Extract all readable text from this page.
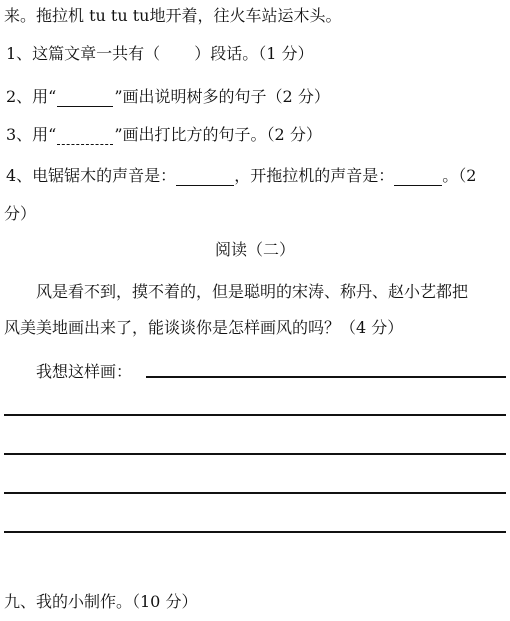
来。拖拉机 tu tu tu地开着，往火车站运木头。
1、这篇文章一共有（ ）段话。（1 分）
2、用“	”画出说明树多的句子（2 分）
3、用“	”画出打比方的句子。（2 分）
4、电锯锯木的声音是：	，开拖拉机的声音是：	。（2
分）
阅读（二）
风是看不到，摸不着的，但是聪明的宋涛、称丹、赵小艺都把
风美美地画出来了，能谈谈你是怎样画风的吗？（4 分）
我想这样画：
九、我的小制作。（10 分）
